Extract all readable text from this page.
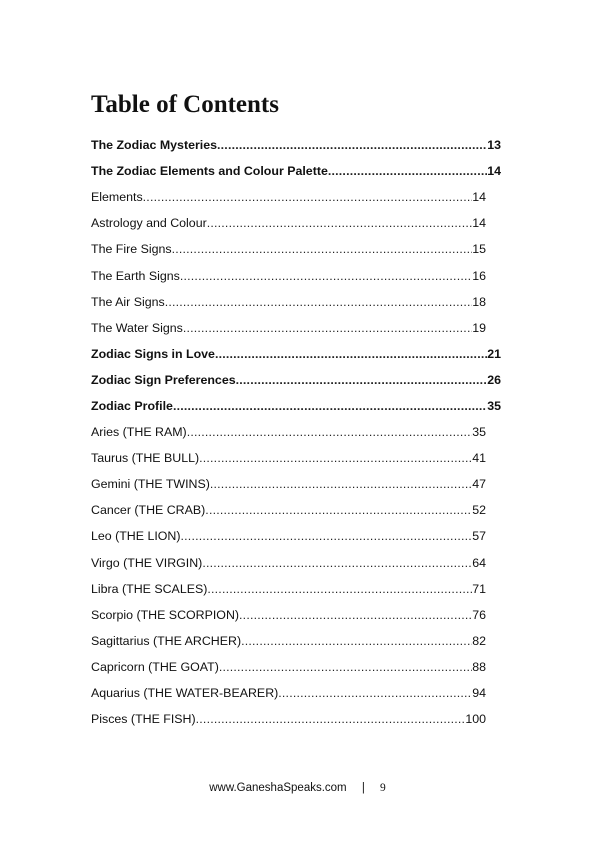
Table of Contents
The Zodiac Mysteries .....	13
The Zodiac Elements and Colour Palette .....	14
Elements .....	14
Astrology and Colour .....	14
The Fire Signs .....	15
The Earth Signs .....	16
The Air Signs .....	18
The Water Signs .....	19
Zodiac Signs in Love .....	21
Zodiac Sign Preferences .....	26
Zodiac Profile .....	35
Aries (THE RAM) .....	35
Taurus (THE BULL) .....	41
Gemini (THE TWINS) .....	47
Cancer (THE CRAB) .....	52
Leo (THE LION) .....	57
Virgo (THE VIRGIN) .....	64
Libra (THE SCALES) .....	71
Scorpio (THE SCORPION) .....	76
Sagittarius (THE ARCHER) .....	82
Capricorn (THE GOAT) .....	88
Aquarius (THE WATER-BEARER) .....	94
Pisces (THE FISH) .....	100
www.GaneshaSpeaks.com | 9
